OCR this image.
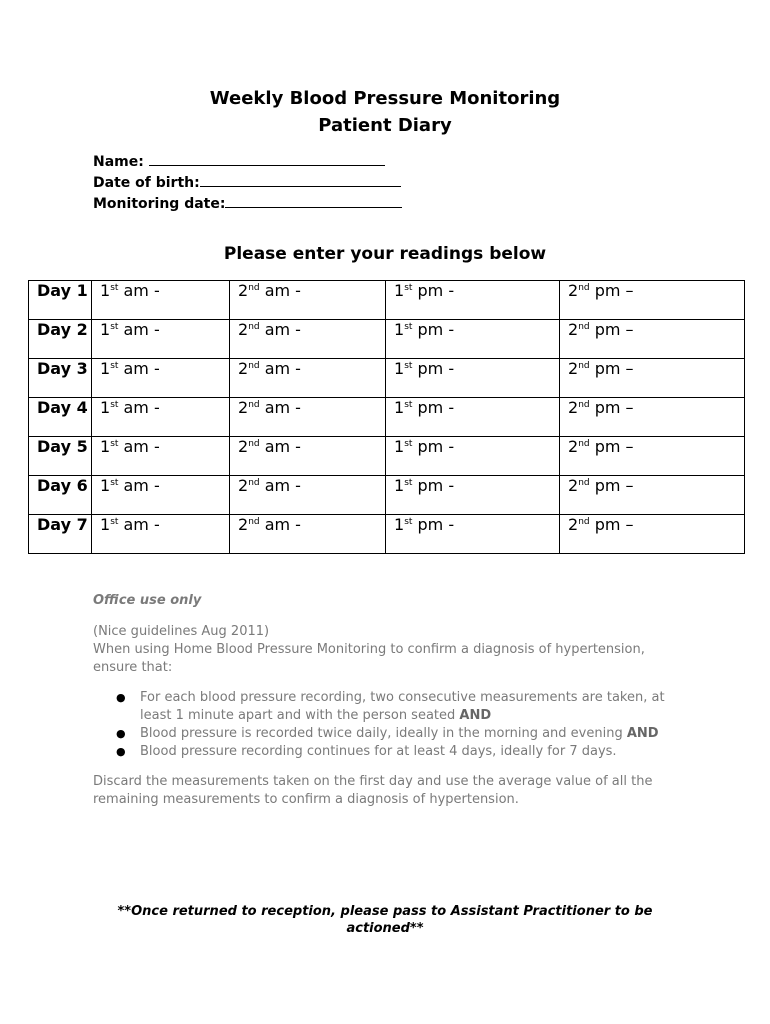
Weekly Blood Pressure Monitoring
Patient Diary
Name:
Date of birth:
Monitoring date:
Please enter your readings below
Day 1	1st am -	2nd am -	1st pm -	2nd pm –
Day 2	1st am -	2nd am -	1st pm -	2nd pm –
Day 3	1st am -	2nd am -	1st pm -	2nd pm –
Day 4	1st am -	2nd am -	1st pm -	2nd pm –
Day 5	1st am -	2nd am -	1st pm -	2nd pm –
Day 6	1st am -	2nd am -	1st pm -	2nd pm –
Day 7	1st am -	2nd am -	1st pm -	2nd pm –
Office use only

(Nice guidelines Aug 2011)
When using Home Blood Pressure Monitoring to confirm a diagnosis of hypertension, ensure that:

● For each blood pressure recording, two consecutive measurements are taken, at least 1 minute apart and with the person seated AND
● Blood pressure is recorded twice daily, ideally in the morning and evening AND
● Blood pressure recording continues for at least 4 days, ideally for 7 days.

Discard the measurements taken on the first day and use the average value of all the remaining measurements to confirm a diagnosis of hypertension.

**Once returned to reception, please pass to Assistant Practitioner to be actioned**
